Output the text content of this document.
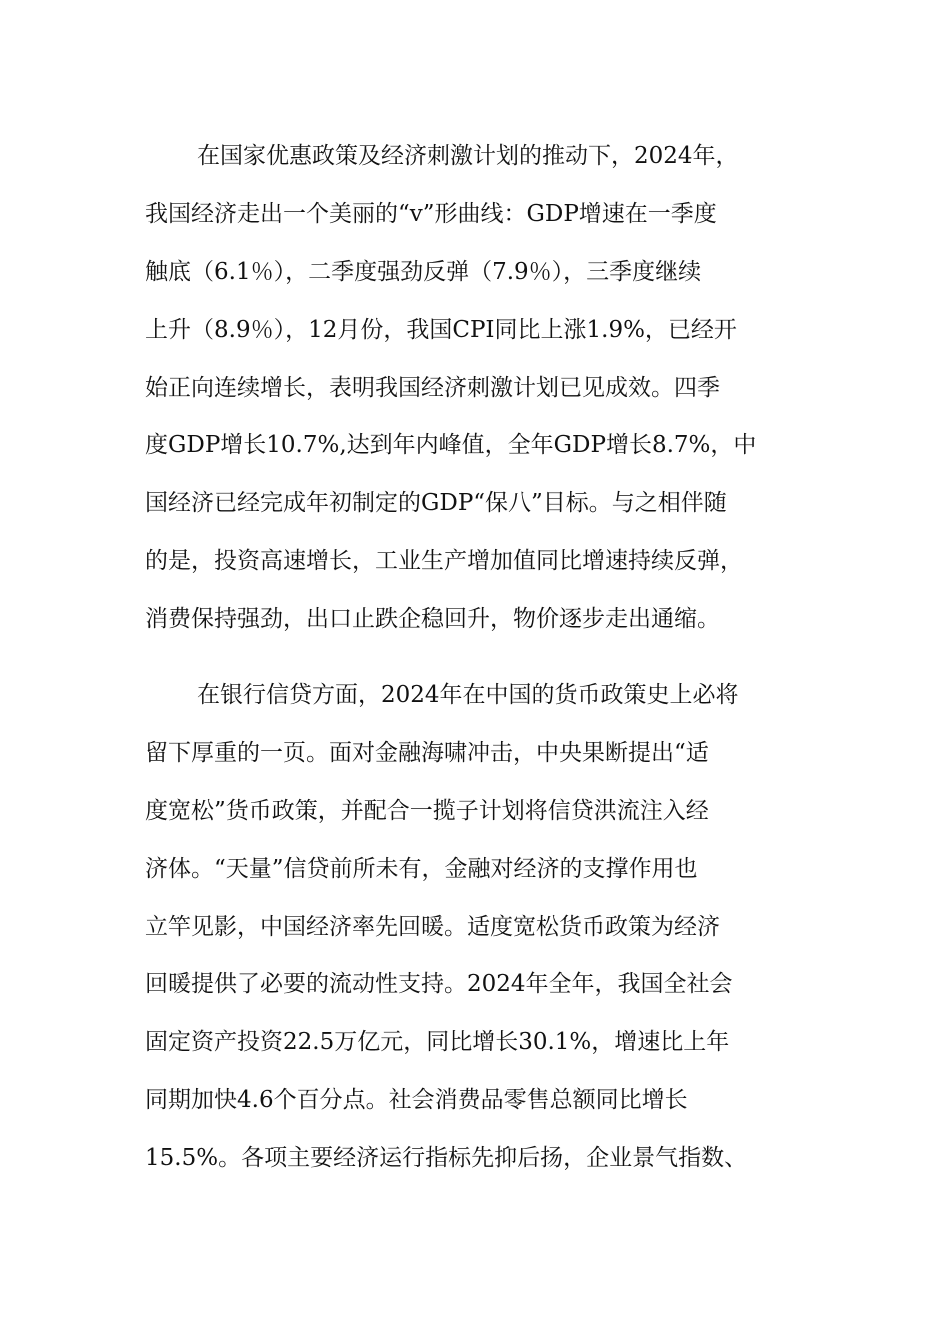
在国家优惠政策及经济刺激计划的推动下，2024年，
我国经济走出一个美丽的“v”形曲线：GDP增速在一季度
触底（6.1％），二季度强劲反弹（7.9％），三季度继续
上升（8.9％），12月份，我国CPI同比上涨1.9%，已经开
始正向连续增长，表明我国经济刺激计划已见成效。四季
度GDP增长10.7%,达到年内峰值，全年GDP增长8.7%，中
国经济已经完成年初制定的GDP“保八”目标。与之相伴随
的是，投资高速增长，工业生产增加值同比增速持续反弹，
消费保持强劲，出口止跌企稳回升，物价逐步走出通缩。
在银行信贷方面，2024年在中国的货币政策史上必将
留下厚重的一页。面对金融海啸冲击，中央果断提出“适
度宽松”货币政策，并配合一揽子计划将信贷洪流注入经
济体。“天量”信贷前所未有，金融对经济的支撑作用也
立竿见影，中国经济率先回暖。适度宽松货币政策为经济
回暖提供了必要的流动性支持。2024年全年，我国全社会
固定资产投资22.5万亿元，同比增长30.1%，增速比上年
同期加快4.6个百分点。社会消费品零售总额同比增长
15.5%。各项主要经济运行指标先抑后扬，企业景气指数、
